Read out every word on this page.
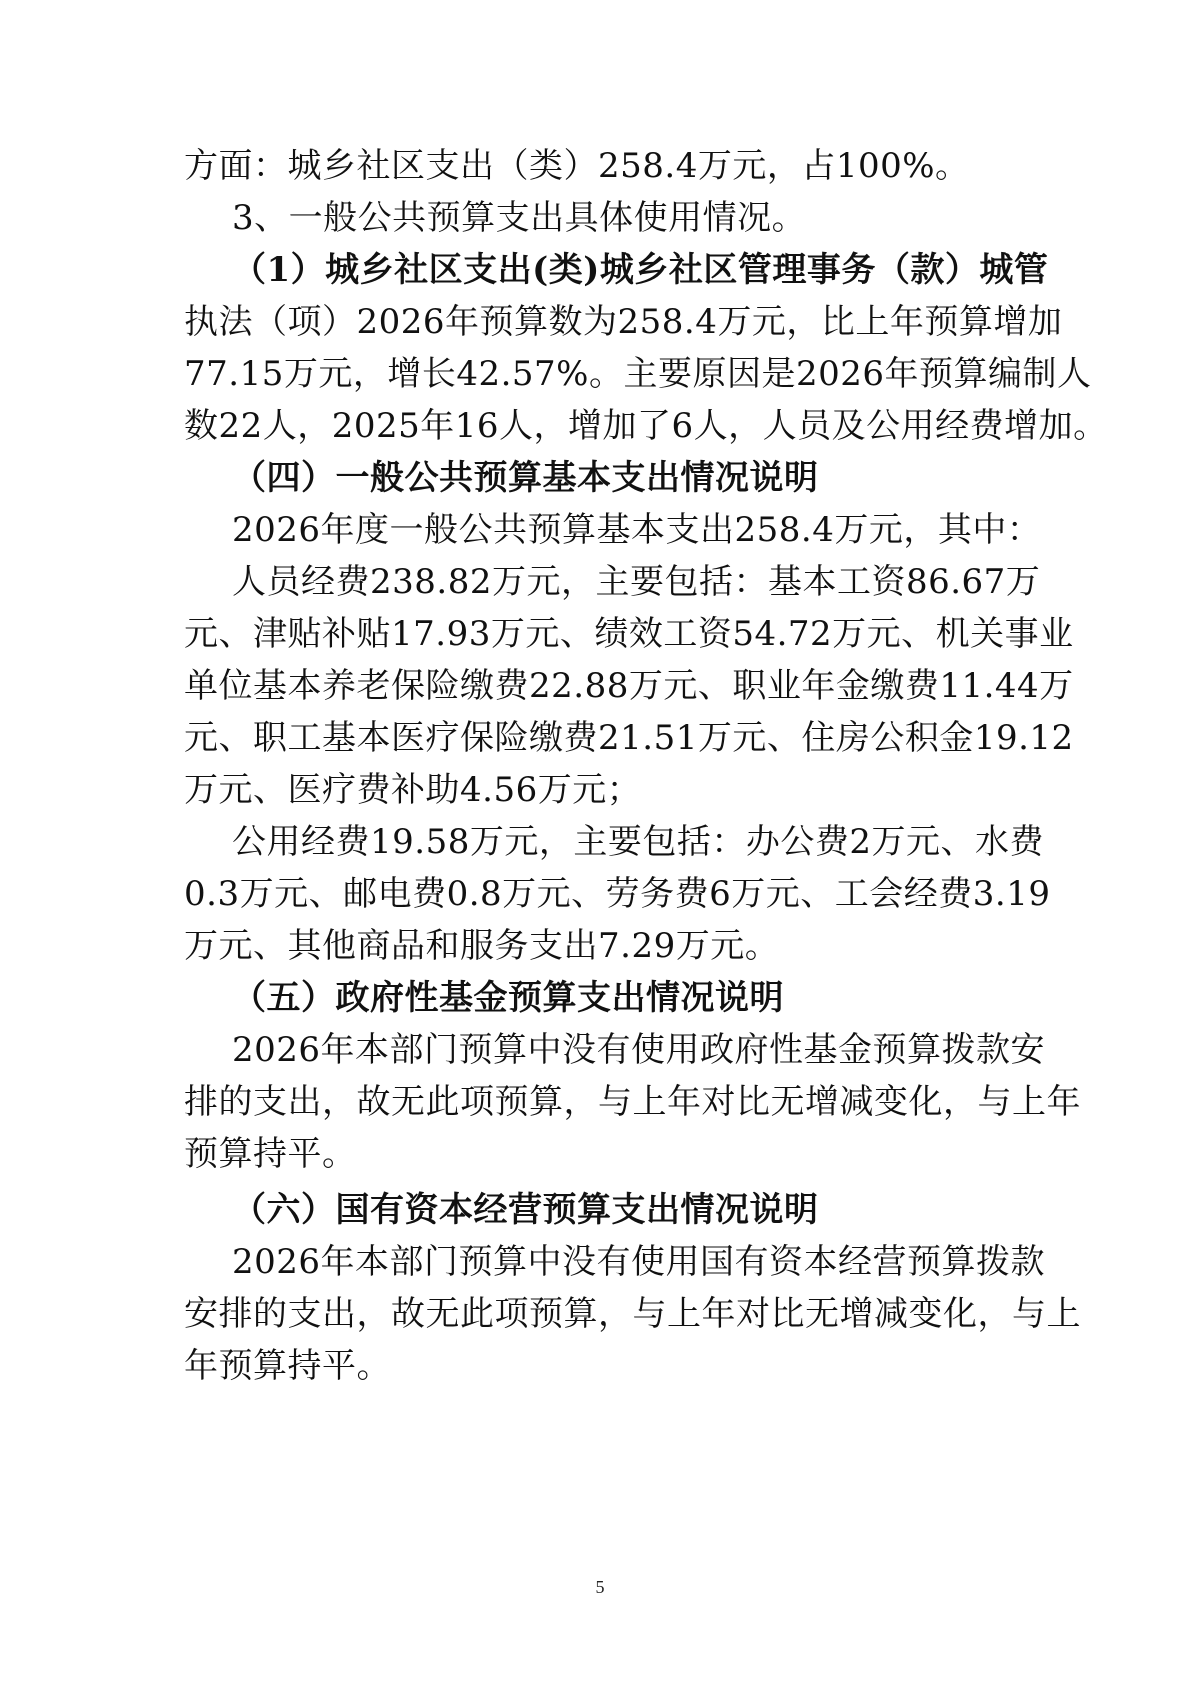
方面：城乡社区支出（类）258.4万元，占100%。
3、一般公共预算支出具体使用情况。
（1）城乡社区支出(类)城乡社区管理事务（款）城管
执法（项）2026年预算数为258.4万元，比上年预算增加
77.15万元，增长42.57%。主要原因是2026年预算编制人
数22人，2025年16人，增加了6人，人员及公用经费增加。
（四）一般公共预算基本支出情况说明
2026年度一般公共预算基本支出258.4万元，其中：
人员经费238.82万元，主要包括：基本工资86.67万
元、津贴补贴17.93万元、绩效工资54.72万元、机关事业
单位基本养老保险缴费22.88万元、职业年金缴费11.44万
元、职工基本医疗保险缴费21.51万元、住房公积金19.12
万元、医疗费补助4.56万元；
公用经费19.58万元，主要包括：办公费2万元、水费
0.3万元、邮电费0.8万元、劳务费6万元、工会经费3.19
万元、其他商品和服务支出7.29万元。
（五）政府性基金预算支出情况说明
2026年本部门预算中没有使用政府性基金预算拨款安
排的支出，故无此项预算，与上年对比无增减变化，与上年
预算持平。
（六）国有资本经营预算支出情况说明
2026年本部门预算中没有使用国有资本经营预算拨款
安排的支出，故无此项预算，与上年对比无增减变化，与上
年预算持平。
5
